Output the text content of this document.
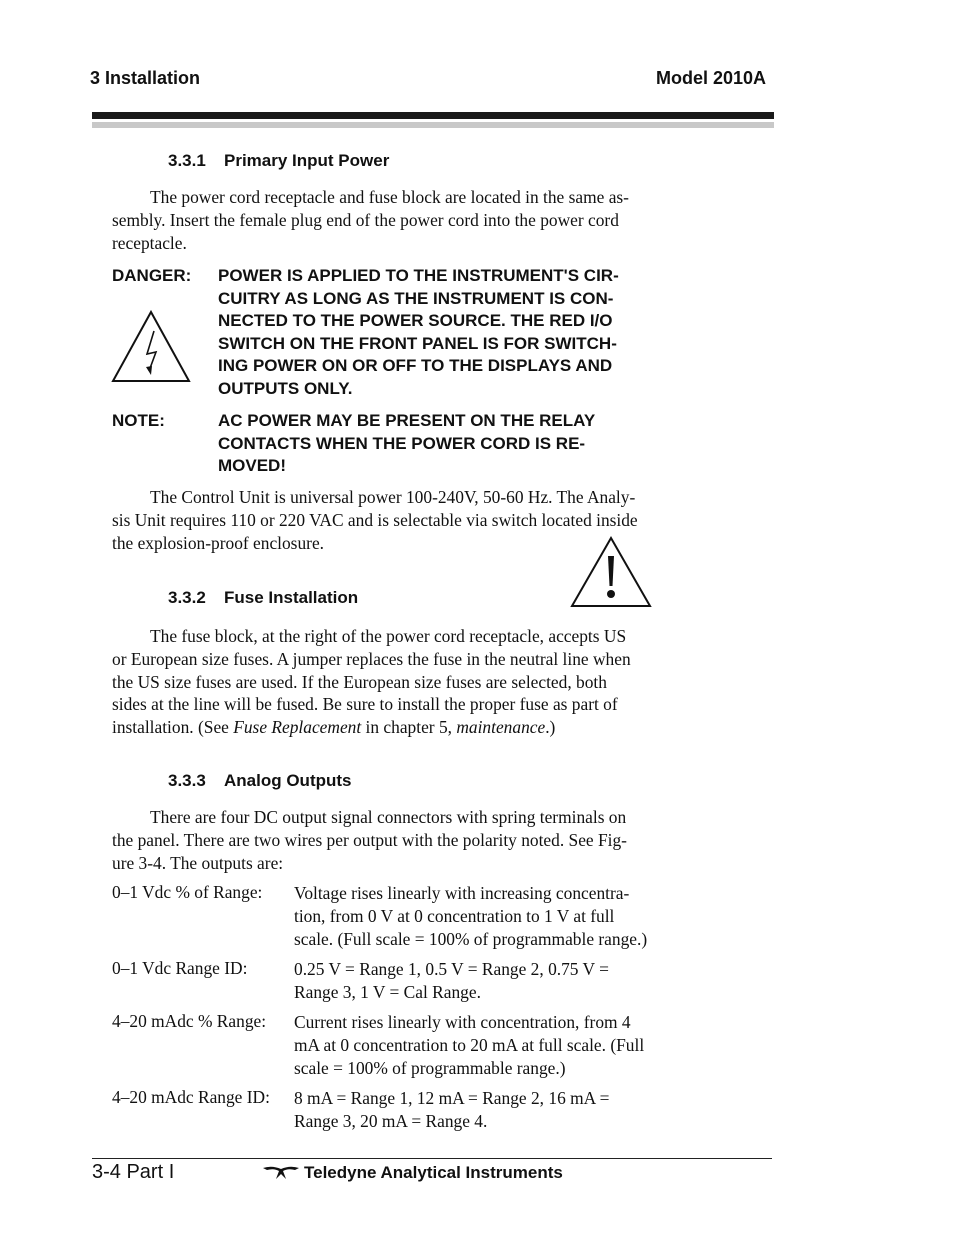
3 Installation	Model 2010A
3.3.1 Primary Input Power
The power cord receptacle and fuse block are located in the same as-
sembly. Insert the female plug end of the power cord into the power cord
receptacle.
DANGER: POWER IS APPLIED TO THE INSTRUMENT'S CIR-
CUITRY AS LONG AS THE INSTRUMENT IS CON-
NECTED TO THE POWER SOURCE. THE RED I/O
SWITCH ON THE FRONT PANEL IS FOR SWITCH-
ING POWER ON OR OFF TO THE DISPLAYS AND
OUTPUTS ONLY.
NOTE:	AC POWER MAY BE PRESENT ON THE RELAY
CONTACTS WHEN THE POWER CORD IS RE-
MOVED!
The Control Unit is universal power 100-240V, 50-60 Hz. The Analy-
sis Unit requires 110 or 220 VAC and is selectable via switch located inside
the explosion-proof enclosure.
3.3.2 Fuse Installation
The fuse block, at the right of the power cord receptacle, accepts US
or European size fuses. A jumper replaces the fuse in the neutral line when
the US size fuses are used. If the European size fuses are selected, both
sides at the line will be fused. Be sure to install the proper fuse as part of
installation. (See Fuse Replacement in chapter 5, maintenance.)
3.3.3 Analog Outputs
There are four DC output signal connectors with spring terminals on
the panel. There are two wires per output with the polarity noted. See Fig-
ure 3-4. The outputs are:
0–1 Vdc % of Range: Voltage rises linearly with increasing concentra-
tion, from 0 V at 0 concentration to 1 V at full
scale. (Full scale = 100% of programmable range.)
0–1 Vdc Range ID:	0.25 V = Range 1, 0.5 V = Range 2, 0.75 V =
Range 3, 1 V = Cal Range.
4–20 mAdc % Range: Current rises linearly with concentration, from 4
mA at 0 concentration to 20 mA at full scale. (Full
scale = 100% of programmable range.)
4–20 mAdc Range ID: 8 mA = Range 1, 12 mA = Range 2, 16 mA =
Range 3, 20 mA = Range 4.
3-4 Part I	Teledyne Analytical Instruments
